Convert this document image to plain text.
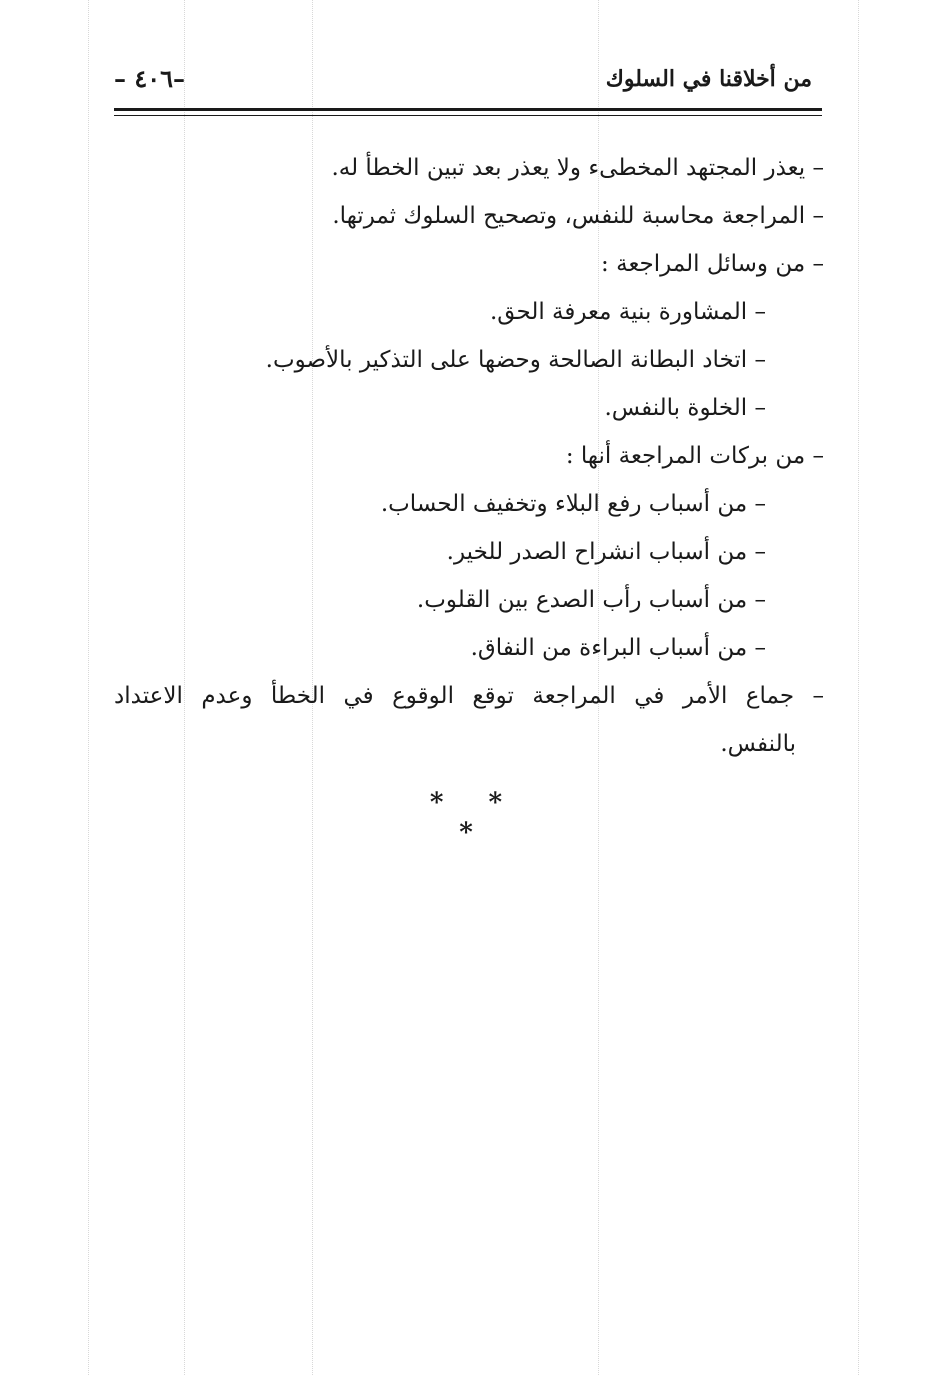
من أخلاقنا في السلوك
–٤٠٦ –
– يعذر المجتهد المخطىء ولا يعذر بعد تبين الخطأ له.
– المراجعة محاسبة للنفس، وتصحيح السلوك ثمرتها.
– من وسائل المراجعة :
– المشاورة بنية معرفة الحق.
– اتخاد البطانة الصالحة وحضها على التذكير بالأصوب.
– الخلوة بالنفس.
– من بركات المراجعة أنها :
– من أسباب رفع البلاء وتخفيف الحساب.
– من أسباب انشراح الصدر للخير.
– من أسباب رأب الصدع بين القلوب.
– من أسباب البراءة من النفاق.
– جماع الأمر في المراجعة توقع الوقوع في الخطأ وعدم الاعتداد
بالنفس.
* * *
